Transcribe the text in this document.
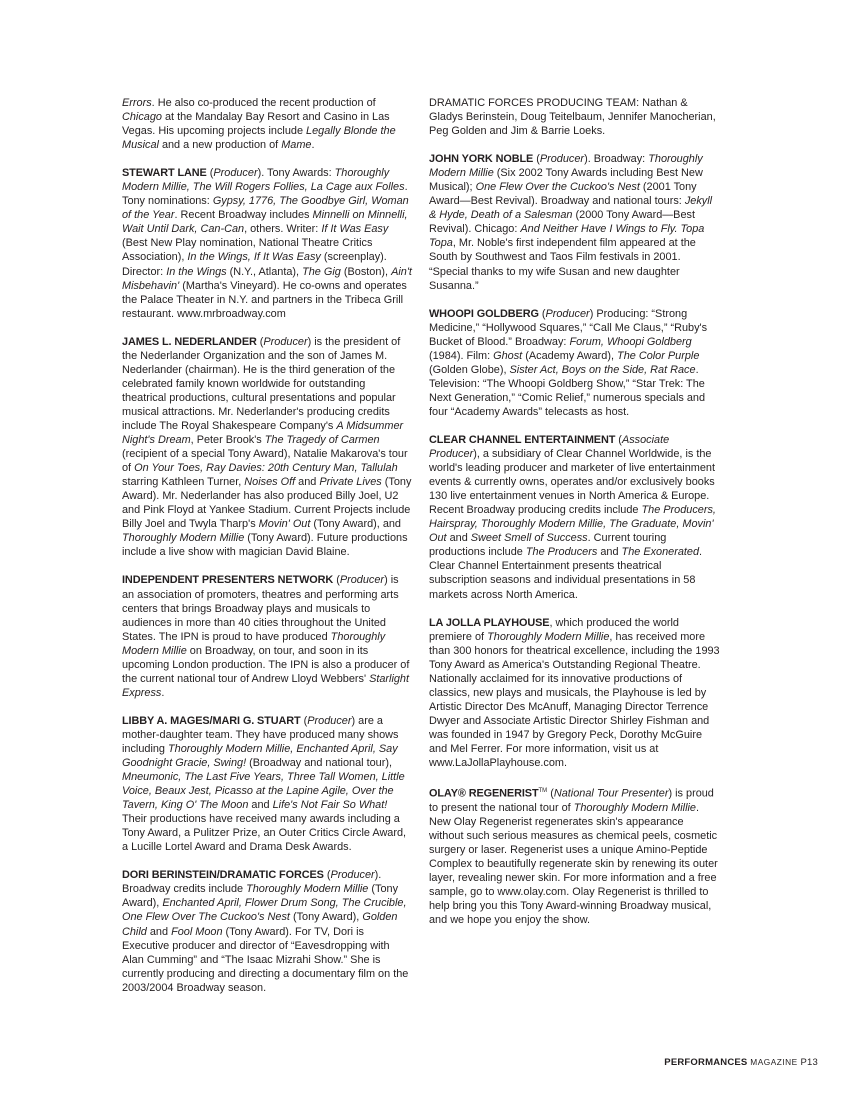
Errors. He also co-produced the recent production of Chicago at the Mandalay Bay Resort and Casino in Las Vegas. His upcoming projects include Legally Blonde the Musical and a new production of Mame.

STEWART LANE (Producer). Tony Awards: Thoroughly Modern Millie, The Will Rogers Follies, La Cage aux Folles. Tony nominations: Gypsy, 1776, The Goodbye Girl, Woman of the Year. Recent Broadway includes Minnelli on Minnelli, Wait Until Dark, Can-Can, others. Writer: If It Was Easy (Best New Play nomination, National Theatre Critics Association), In the Wings, If It Was Easy (screenplay). Director: In the Wings (N.Y., Atlanta), The Gig (Boston), Ain't Misbehavin' (Martha's Vineyard). He co-owns and operates the Palace Theater in N.Y. and partners in the Tribeca Grill restaurant. www.mrbroadway.com

JAMES L. NEDERLANDER (Producer) is the president of the Nederlander Organization and the son of James M. Nederlander (chairman). He is the third generation of the celebrated family known worldwide for outstanding theatrical productions, cultural presentations and popular musical attractions. Mr. Nederlander's producing credits include The Royal Shakespeare Company's A Midsummer Night's Dream, Peter Brook's The Tragedy of Carmen (recipient of a special Tony Award), Natalie Makarova's tour of On Your Toes, Ray Davies: 20th Century Man, Tallulah starring Kathleen Turner, Noises Off and Private Lives (Tony Award). Mr. Nederlander has also produced Billy Joel, U2 and Pink Floyd at Yankee Stadium. Current Projects include Billy Joel and Twyla Tharp's Movin' Out (Tony Award), and Thoroughly Modern Millie (Tony Award). Future productions include a live show with magician David Blaine.

INDEPENDENT PRESENTERS NETWORK (Producer) is an association of promoters, theatres and performing arts centers that brings Broadway plays and musicals to audiences in more than 40 cities throughout the United States. The IPN is proud to have produced Thoroughly Modern Millie on Broadway, on tour, and soon in its upcoming London production. The IPN is also a producer of the current national tour of Andrew Lloyd Webbers' Starlight Express.

LIBBY A. MAGES/MARI G. STUART (Producer) are a mother-daughter team. They have produced many shows including Thoroughly Modern Millie, Enchanted April, Say Goodnight Gracie, Swing! (Broadway and national tour), Mneumonic, The Last Five Years, Three Tall Women, Little Voice, Beaux Jest, Picasso at the Lapine Agile, Over the Tavern, King O' The Moon and Life's Not Fair So What! Their productions have received many awards including a Tony Award, a Pulitzer Prize, an Outer Critics Circle Award, a Lucille Lortel Award and Drama Desk Awards.

DORI BERINSTEIN/DRAMATIC FORCES (Producer). Broadway credits include Thoroughly Modern Millie (Tony Award), Enchanted April, Flower Drum Song, The Crucible, One Flew Over The Cuckoo's Nest (Tony Award), Golden Child and Fool Moon (Tony Award). For TV, Dori is Executive producer and director of “Eavesdropping with Alan Cumming” and “The Isaac Mizrahi Show.” She is currently producing and directing a documentary film on the 2003/2004 Broadway season.

DRAMATIC FORCES PRODUCING TEAM: Nathan & Gladys Berinstein, Doug Teitelbaum, Jennifer Manocherian, Peg Golden and Jim & Barrie Loeks.

JOHN YORK NOBLE (Producer). Broadway: Thoroughly Modern Millie (Six 2002 Tony Awards including Best New Musical); One Flew Over the Cuckoo's Nest (2001 Tony Award—Best Revival). Broadway and national tours: Jekyll & Hyde, Death of a Salesman (2000 Tony Award—Best Revival). Chicago: And Neither Have I Wings to Fly. Topa Topa, Mr. Noble's first independent film appeared at the South by Southwest and Taos Film festivals in 2001. “Special thanks to my wife Susan and new daughter Susanna.”

WHOOPI GOLDBERG (Producer) Producing: “Strong Medicine,” “Hollywood Squares,” “Call Me Claus,” “Ruby's Bucket of Blood.” Broadway: Forum, Whoopi Goldberg (1984). Film: Ghost (Academy Award), The Color Purple (Golden Globe), Sister Act, Boys on the Side, Rat Race. Television: “The Whoopi Goldberg Show,” “Star Trek: The Next Generation,” “Comic Relief,” numerous specials and four “Academy Awards” telecasts as host.

CLEAR CHANNEL ENTERTAINMENT (Associate Producer), a subsidiary of Clear Channel Worldwide, is the world's leading producer and marketer of live entertainment events & currently owns, operates and/or exclusively books 130 live entertainment venues in North America & Europe. Recent Broadway producing credits include The Producers, Hairspray, Thoroughly Modern Millie, The Graduate, Movin' Out and Sweet Smell of Success. Current touring productions include The Producers and The Exonerated. Clear Channel Entertainment presents theatrical subscription seasons and individual presentations in 58 markets across North America.

LA JOLLA PLAYHOUSE, which produced the world premiere of Thoroughly Modern Millie, has received more than 300 honors for theatrical excellence, including the 1993 Tony Award as America's Outstanding Regional Theatre. Nationally acclaimed for its innovative productions of classics, new plays and musicals, the Playhouse is led by Artistic Director Des McAnuff, Managing Director Terrence Dwyer and Associate Artistic Director Shirley Fishman and was founded in 1947 by Gregory Peck, Dorothy McGuire and Mel Ferrer. For more information, visit us at www.LaJollaPlayhouse.com.

OLAY® REGENERIST™ (National Tour Presenter) is proud to present the national tour of Thoroughly Modern Millie. New Olay Regenerist regenerates skin's appearance without such serious measures as chemical peels, cosmetic surgery or laser. Regenerist uses a unique Amino-Peptide Complex to beautifully regenerate skin by renewing its outer layer, revealing newer skin. For more information and a free sample, go to www.olay.com. Olay Regenerist is thrilled to help bring you this Tony Award-winning Broadway musical, and we hope you enjoy the show.

PERFORMANCES MAGAZINE P13
